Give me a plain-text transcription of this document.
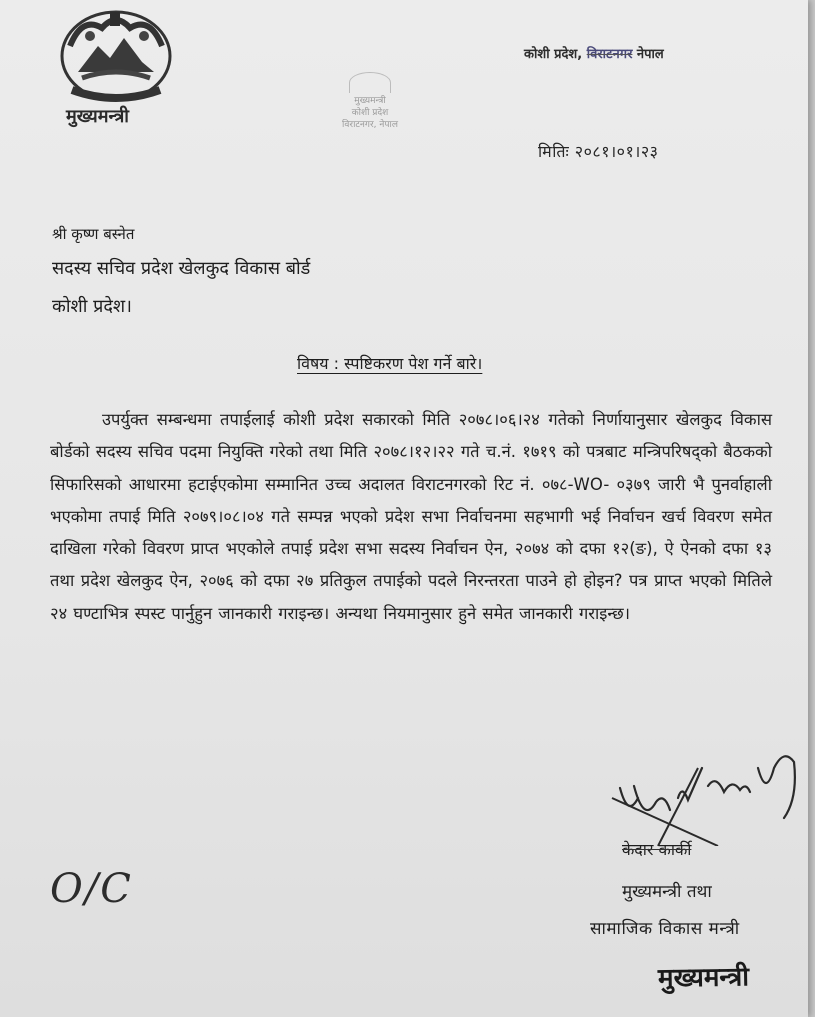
मुख्यमन्त्री
मुख्यमन्त्री
कोशी प्रदेश
विराटनगर, नेपाल
कोशी प्रदेश, विराटनगर नेपाल
मितिः २०८१।०१।२३
श्री कृष्ण बस्नेत
सदस्य सचिव प्रदेश खेलकुद विकास बोर्ड
कोशी प्रदेश।
विषय : स्पष्टिकरण पेश गर्ने बारे।

उपर्युक्त सम्बन्धमा तपाईलाई कोशी प्रदेश सकारको मिति २०७८।०६।२४ गतेको निर्णायानुसार खेलकुद विकास बोर्डको सदस्य सचिव पदमा नियुक्ति गरेको तथा मिति २०७८।१२।२२ गते च.नं. १७१९ को पत्रबाट मन्त्रिपरिषद्को बैठकको सिफारिसको आधारमा हटाईएकोमा सम्मानित उच्च अदालत विराटनगरको रिट नं. ०७८-WO- ०३७९ जारी भै पुनर्वाहाली भएकोमा तपाई मिति २०७९।०८।०४ गते सम्पन्न भएको प्रदेश सभा निर्वाचनमा सहभागी भई निर्वाचन खर्च विवरण समेत दाखिला गरेको विवरण प्राप्त भएकोले तपाई प्रदेश सभा सदस्य निर्वाचन ऐन, २०७४ को दफा १२(ङ), ऐ ऐनको दफा १३ तथा प्रदेश खेलकुद ऐन, २०७६ को दफा २७ प्रतिकुल तपाईको पदले निरन्तरता पाउने हो होइन? पत्र प्राप्त भएको मितिले २४ घण्टाभित्र स्पस्ट पार्नुहुन जानकारी गराइन्छ। अन्यथा नियमानुसार हुने समेत जानकारी गराइन्छ।

केदार कार्की
मुख्यमन्त्री तथा
सामाजिक विकास मन्त्री
मुख्यमन्त्री
O/C
